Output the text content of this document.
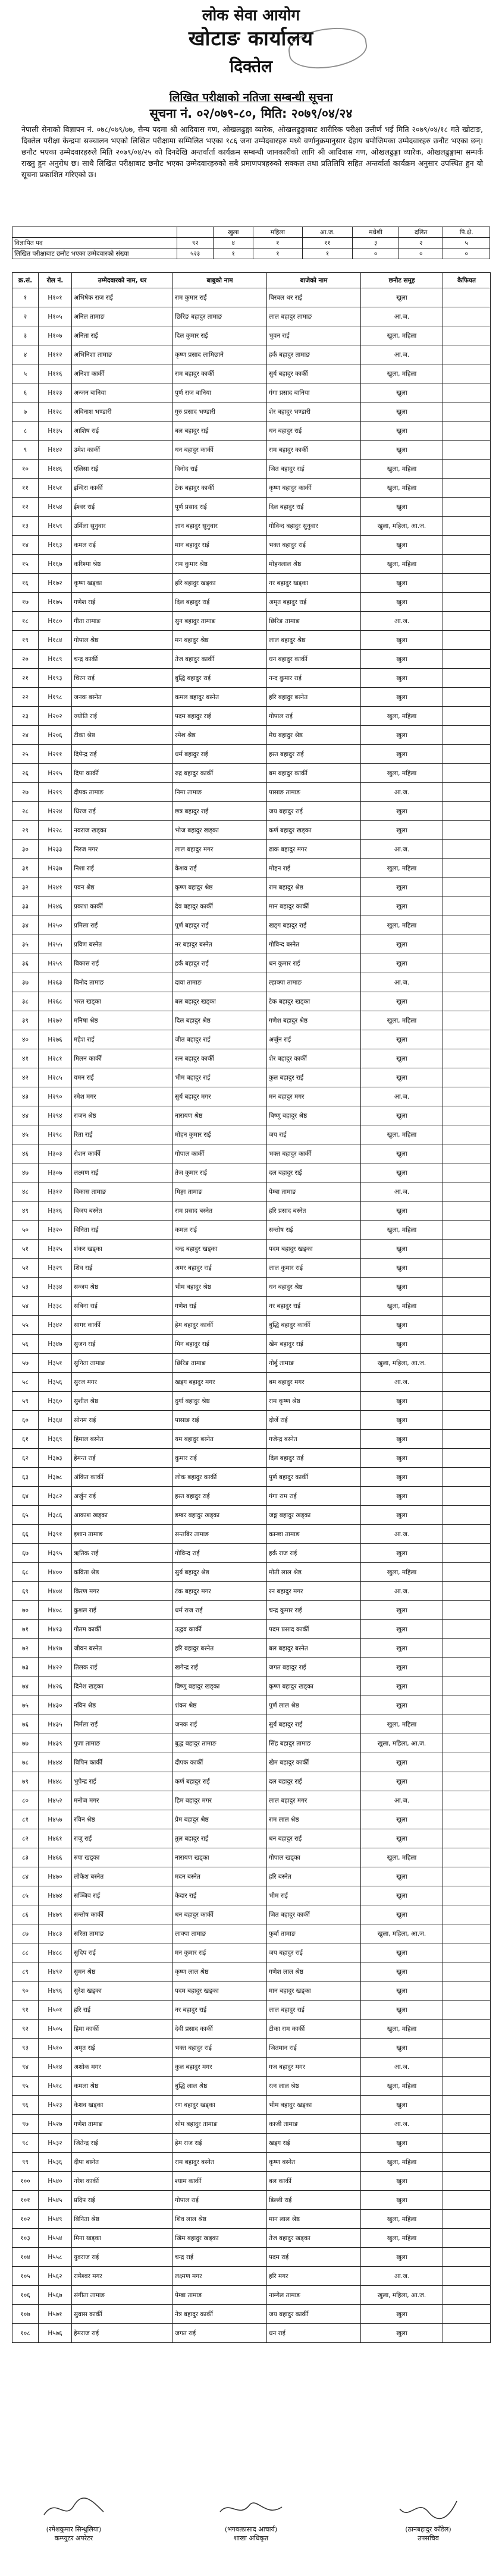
लोक सेवा आयोग
खोटाङ कार्यालय
दिक्तेल
लिखित परीक्षाको नतिजा सम्बन्धी सूचना
सूचना नं. ०२/०७९-८०, मिति: २०७९/०४/२४
नेपाली सेनाको विज्ञापन नं. ०७८/०७९/७७, सैन्य पदमा श्री आदिवास गण, ओखलढुङ्गा व्यारेक, ओखलढुङ्गाबाट शारीरिक परीक्षा उत्तीर्ण भई मिति २०७९/०४/१८ गते खोटाङ, दिक्तेल परीक्षा केन्द्रमा सञ्चालन भएको लिखित परीक्षामा सम्मिलित भएका १८६ जना उम्मेदवारहरु मध्ये वर्णानुक्रमानुसार देहाय बमोजिमका उम्मेदवारहरु छनौट भएका छन्। छनौट भएका उम्मेदवारहरुले मिति २०७९/०४/२५ को दिनदेखि अन्तर्वार्ता कार्यक्रम सम्बन्धी जानकारीको लागि श्री आदिवास गण, ओखलढुङ्गा व्यारेक, ओखलढुङ्गामा सम्पर्क राख्नु हुन अनुरोध छ। साथै लिखित परीक्षाबाट छनौट भएका उम्मेदवारहरुको सबै प्रमाणपत्रहरुको सक्कल तथा प्रतिलिपि सहित अन्तर्वार्ता कार्यक्रम अनुसार उपस्थित हुन यो सूचना प्रकाशित गरिएको छ।
		खुला	महिला	आ.ज.	मधेशी	दलित	पि.क्षे.
विज्ञापित पद	९२	४	१	११	३	२	५
लिखित परीक्षाबाट छनौट भएका उम्मेदवारको संख्या	५२३	१	१	१	०	०	०
क्र.सं.	रोल नं.	उम्मेदवारको नाम, थर	बाबुको नाम	बाजेको नाम	छनौट समूह	कैफियत
१	H१०१	अभिषेक राज राई	राम कुमार राई	बिरबल थर राई	खुला	
२	H१०५	अनिल तामाङ	छिरिङ बहादुर तामाङ	लाल बहादुर तामाङ	आ.ज.	
३	H१०७	अनिता राई	दिल कुमार राई	भुवन राई	खुला, महिला	
४	H११२	अभिनिशा तामाङ	कृष्ण प्रसाद लामिछाने	हर्क बहादुर तामाङ	आ.ज.	
५	H११६	अनिशा कार्की	राम बहादुर कार्की	सुर्य बहादुर कार्की	खुला, महिला	
६	H१२३	अन्जन बानिया	पुर्ण राज बानिया	गंगा प्रसाद बानिया	खुला	
७	H१२८	अविनाश भण्डारी	गुरु प्रसाद भण्डारी	शेर बहादुर भण्डारी	खुला	
८	H१३५	आशिष राई	बल बहादुर राई	धन बहादुर राई	खुला	
९	H१४२	उमेश कार्की	धन बहादुर कार्की	राम बहादुर कार्की	खुला	
१०	H१४६	एलिसा राई	विनोद राई	जित बहादुर राई	खुला, महिला	
११	H१५१	इन्दिरा कार्की	टेक बहादुर कार्की	कृष्ण बहादुर कार्की	खुला, महिला	
१२	H१५४	ईश्वर राई	पूर्ण प्रसाद राई	दिल बहादुर राई	खुला	
१३	H१५९	उर्मिला सुनुवार	ज्ञान बहादुर सुनुवार	गोविन्द बहादुर सुनुवार	खुला, महिला, आ.ज.	
१४	H१६३	कमल राई	मान बहादुर राई	भक्त बहादुर राई	खुला	
१५	H१६७	करिश्मा श्रेष्ठ	राम कुमार श्रेष्ठ	मोहनलाल श्रेष्ठ	खुला, महिला	
१६	H१७२	कृष्ण खड्का	हरि बहादुर खड्का	नर बहादुर खड्का	खुला	
१७	H१७५	गणेश राई	दिल बहादुर राई	अमृत बहादुर राई	खुला	
१८	H१८०	गीता तामाङ	सुन बहादुर तामाङ	छिरिङ तामाङ	आ.ज.	
१९	H१८४	गोपाल श्रेष्ठ	मन बहादुर श्रेष्ठ	लाल बहादुर श्रेष्ठ	खुला	
२०	H१८९	चन्द्र कार्की	तेज बहादुर कार्की	धन बहादुर कार्की	खुला	
२१	H१९३	चिरन राई	बुद्धि बहादुर राई	नन्द कुमार राई	खुला	
२२	H१९८	जनक बस्नेत	कमल बहादुर बस्नेत	हरि बहादुर बस्नेत	खुला	
२३	H२०२	ज्योति राई	पदम बहादुर राई	गोपाल राई	खुला, महिला	
२४	H२०६	टीका श्रेष्ठ	रमेश श्रेष्ठ	मेघ बहादुर श्रेष्ठ	खुला	
२५	H२११	दिपेन्द्र राई	धर्म बहादुर राई	हस्त बहादुर राई	खुला	
२६	H२१५	दिपा कार्की	रुद्र बहादुर कार्की	बम बहादुर कार्की	खुला, महिला	
२७	H२१९	दीपक तामाङ	निमा तामाङ	पासाङ तामाङ	आ.ज.	
२८	H२२४	धिरज राई	छत्र बहादुर राई	जय बहादुर राई	खुला	
२९	H२२८	नवराज खड्का	भोज बहादुर खड्का	कर्ण बहादुर खड्का	खुला	
३०	H२३३	निरज मगर	लाल बहादुर मगर	ढाक बहादुर मगर	आ.ज.	
३१	H२३७	निशा राई	केशव राई	मोहन राई	खुला, महिला	
३२	H२४१	पवन श्रेष्ठ	कृष्ण बहादुर श्रेष्ठ	राम बहादुर श्रेष्ठ	खुला	
३३	H२४६	प्रकाश कार्की	देव बहादुर कार्की	मान बहादुर कार्की	खुला	
३४	H२५०	प्रमिला राई	पूर्ण बहादुर राई	खड्ग बहादुर राई	खुला, महिला	
३५	H२५५	प्रविण बस्नेत	नर बहादुर बस्नेत	गोविन्द बस्नेत	खुला	
३६	H२५९	बिकास राई	हर्क बहादुर राई	धन कुमार राई	खुला	
३७	H२६३	बिनोद तामाङ	दावा तामाङ	ल्हाक्पा तामाङ	आ.ज.	
३८	H२६८	भरत खड्का	बल बहादुर खड्का	टेक बहादुर खड्का	खुला	
३९	H२७२	मनिषा श्रेष्ठ	दिल बहादुर श्रेष्ठ	गणेश बहादुर श्रेष्ठ	खुला, महिला	
४०	H२७६	महेश राई	जीत बहादुर राई	अर्जुन राई	खुला	
४१	H२८१	मिलन कार्की	रत्न बहादुर कार्की	शेर बहादुर कार्की	खुला	
४२	H२८५	यमन राई	भीम बहादुर राई	कुल बहादुर राई	खुला	
४३	H२९०	रमेश मगर	सुर्य बहादुर मगर	मन बहादुर मगर	आ.ज.	
४४	H२९४	राजन श्रेष्ठ	नारायण श्रेष्ठ	बिष्णु बहादुर श्रेष्ठ	खुला	
४५	H२९८	रिता राई	मोहन कुमार राई	जय राई	खुला, महिला	
४६	H३०३	रोशन कार्की	गोपाल कार्की	भक्त बहादुर कार्की	खुला	
४७	H३०७	लक्ष्मण राई	तेज कुमार राई	दल बहादुर राई	खुला	
४८	H३१२	विकास तामाङ	मिङ्मा तामाङ	पेम्बा तामाङ	आ.ज.	
४९	H३१६	विजय बस्नेत	राम प्रसाद बस्नेत	हरि प्रसाद बस्नेत	खुला	
५०	H३२०	विनिता राई	कमल राई	सन्तोष राई	खुला, महिला	
५१	H३२५	शंकर खड्का	चन्द्र बहादुर खड्का	पदम बहादुर खड्का	खुला	
५२	H३२९	शिव राई	अमर बहादुर राई	लाल कुमार राई	खुला	
५३	H३३४	सन्जय श्रेष्ठ	भीम बहादुर श्रेष्ठ	धन बहादुर श्रेष्ठ	खुला	
५४	H३३८	सबिना राई	गणेश राई	नर बहादुर राई	खुला, महिला	
५५	H३४२	सागर कार्की	हेम बहादुर कार्की	बुद्धि बहादुर कार्की	खुला	
५६	H३४७	सुजन राई	मिन बहादुर राई	खेम बहादुर राई	खुला	
५७	H३५१	सुनिता तामाङ	छिरिङ तामाङ	नोर्बु तामाङ	खुला, महिला, आ.ज.	
५८	H३५६	सुरज मगर	खड्ग बहादुर मगर	बम बहादुर मगर	आ.ज.	
५९	H३६०	सुशील श्रेष्ठ	दुर्गा बहादुर श्रेष्ठ	राम कृष्ण श्रेष्ठ	खुला	
६०	H३६४	सोनम राई	पासाङ राई	दोर्जे राई	खुला	
६१	H३६९	हिमाल बस्नेत	यम बहादुर बस्नेत	गजेन्द्र बस्नेत	खुला	
६२	H३७३	हेमन्त राई	कुमार राई	दिल बहादुर राई	खुला	
६३	H३७८	अंकित कार्की	लोक बहादुर कार्की	पुर्ण बहादुर कार्की	खुला	
६४	H३८२	अर्जुन राई	हस्त बहादुर राई	गंगा राम राई	खुला	
६५	H३८६	आकाश खड्का	डम्बर बहादुर खड्का	जङ्ग बहादुर खड्का	खुला	
६६	H३९१	इशान तामाङ	सन्तबिर तामाङ	कान्छा तामाङ	आ.ज.	
६७	H३९५	ऋतिक राई	गोविन्द राई	हर्क राज राई	खुला	
६८	H४००	कविता श्रेष्ठ	सुर्य बहादुर श्रेष्ठ	मोती लाल श्रेष्ठ	खुला, महिला	
६९	H४०४	किरण मगर	टंक बहादुर मगर	रन बहादुर मगर	आ.ज.	
७०	H४०८	कुशल राई	धर्म राज राई	चन्द्र कुमार राई	खुला	
७१	H४१३	गौतम कार्की	उद्धव कार्की	पदम प्रसाद कार्की	खुला	
७२	H४१७	जीवन बस्नेत	हरि बहादुर बस्नेत	बल बहादुर बस्नेत	खुला	
७३	H४२२	तिलक राई	खगेन्द्र राई	जगत बहादुर राई	खुला	
७४	H४२६	दिनेश खड्का	विष्णु बहादुर खड्का	कृष्ण बहादुर खड्का	खुला	
७५	H४३०	नविन श्रेष्ठ	शंकर श्रेष्ठ	पुर्ण लाल श्रेष्ठ	खुला	
७६	H४३५	निर्मला राई	जनक राई	सुर्य बहादुर राई	खुला, महिला	
७७	H४३९	पुजा तामाङ	बुद्ध बहादुर तामाङ	सिंह बहादुर तामाङ	खुला, महिला, आ.ज.	
७८	H४४४	बिपिन कार्की	दीपक कार्की	खेम बहादुर कार्की	खुला	
७९	H४४८	भुपेन्द्र राई	कर्ण बहादुर राई	दल बहादुर राई	खुला	
८०	H४५२	मनोज मगर	हिम बहादुर मगर	लाल बहादुर मगर	आ.ज.	
८१	H४५७	रविन श्रेष्ठ	प्रेम बहादुर श्रेष्ठ	राम लाल श्रेष्ठ	खुला	
८२	H४६१	राजु राई	तुल बहादुर राई	धन बहादुर राई	खुला	
८३	H४६६	रुपा खड्का	नारायण खड्का	गोपाल खड्का	खुला, महिला	
८४	H४७०	लोकेश बस्नेत	मदन बस्नेत	हरि बस्नेत	खुला	
८५	H४७४	सञ्जिव राई	केदार राई	भीम राई	खुला	
८६	H४७९	सन्तोष कार्की	धन बहादुर कार्की	जित बहादुर कार्की	खुला	
८७	H४८३	सरिता तामाङ	लाक्पा तामाङ	फुर्बा तामाङ	खुला, महिला, आ.ज.	
८८	H४८८	सुदिप राई	मन कुमार राई	जय बहादुर राई	खुला	
८९	H४९२	सुमन श्रेष्ठ	कृष्ण लाल श्रेष्ठ	गणेश लाल श्रेष्ठ	खुला	
९०	H४९६	सुरेश खड्का	पदम बहादुर खड्का	मान बहादुर खड्का	खुला	
९१	H५०१	हरि राई	नर बहादुर राई	लाल बहादुर राई	खुला	
९२	H५०५	हिमा कार्की	देवी प्रसाद कार्की	टीका राम कार्की	खुला, महिला	
९३	H५१०	अमृत राई	भक्त बहादुर राई	जितमान राई	खुला	
९४	H५१४	अशोक मगर	कुल बहादुर मगर	गज बहादुर मगर	आ.ज.	
९५	H५१८	कमला श्रेष्ठ	बुद्धि लाल श्रेष्ठ	रत्न लाल श्रेष्ठ	खुला, महिला	
९६	H५२३	केशव खड्का	रण बहादुर खड्का	भीम बहादुर खड्का	खुला	
९७	H५२७	गणेश तामाङ	सोम बहादुर तामाङ	काजी तामाङ	आ.ज.	
९८	H५३२	जितेन्द्र राई	हेम राज राई	खड्ग राई	खुला	
९९	H५३६	दीपा बस्नेत	राम बहादुर बस्नेत	कृष्ण बस्नेत	खुला, महिला	
१००	H५४०	नरेश कार्की	श्याम कार्की	बल कार्की	खुला	
१०१	H५४५	प्रदिप राई	गोपाल राई	डिल्ली राई	खुला	
१०२	H५४९	बिनिता श्रेष्ठ	शिव लाल श्रेष्ठ	मान लाल श्रेष्ठ	खुला, महिला	
१०३	H५५४	मिना खड्का	खिम बहादुर खड्का	तेज बहादुर खड्का	खुला, महिला	
१०४	H५५८	युवराज राई	चन्द्र राई	पदम राई	खुला	
१०५	H५६२	रामेश्वर मगर	लक्ष्मण मगर	हरि मगर	आ.ज.	
१०६	H५६७	संगीता तामाङ	पेम्बा तामाङ	नाम्गेल तामाङ	खुला, महिला, आ.ज.	
१०७	H५७१	सुवास कार्की	नेत्र बहादुर कार्की	जय बहादुर कार्की	खुला	
१०८	H५७६	हेमराज राई	जगत राई	धन राई	खुला	
(रमेशकुमार सिन्धुलिया)
कम्प्युटर अपरेटर
(भगवतप्रसाद आचार्य)
शाखा अधिकृत
(ठानबहादुर काँडेल)
उपसचिव
